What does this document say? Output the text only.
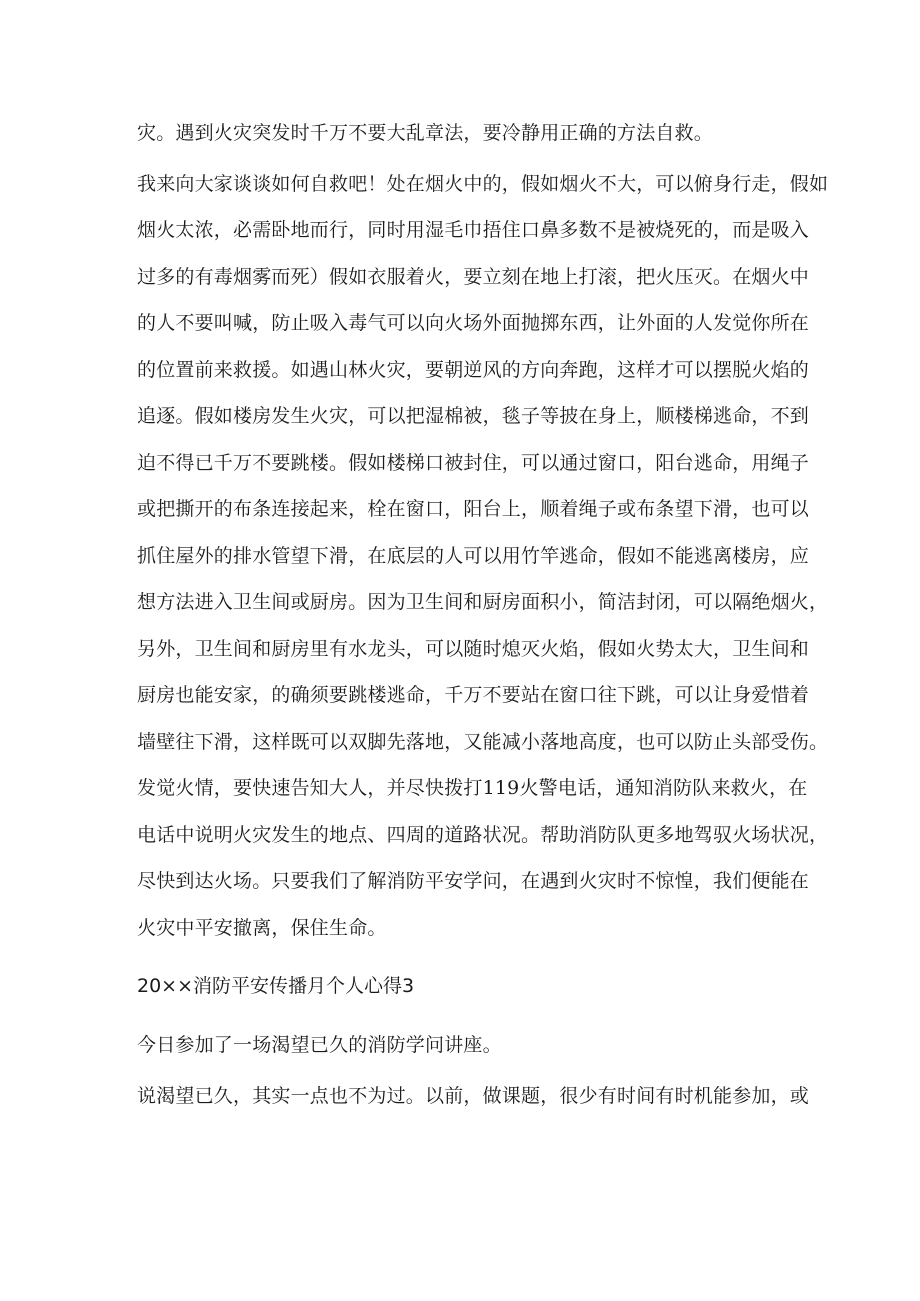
灾。遇到火灾突发时千万不要大乱章法，要冷静用正确的方法自救。
我来向大家谈谈如何自救吧！处在烟火中的，假如烟火不大，可以俯身行走，假如
烟火太浓，必需卧地而行，同时用湿毛巾捂住口鼻多数不是被烧死的，而是吸入
过多的有毒烟雾而死）假如衣服着火，要立刻在地上打滚，把火压灭。在烟火中
的人不要叫喊，防止吸入毒气可以向火场外面抛掷东西，让外面的人发觉你所在
的位置前来救援。如遇山林火灾，要朝逆风的方向奔跑，这样才可以摆脱火焰的
追逐。假如楼房发生火灾，可以把湿棉被，毯子等披在身上，顺楼梯逃命，不到
迫不得已千万不要跳楼。假如楼梯口被封住，可以通过窗口，阳台逃命，用绳子
或把撕开的布条连接起来，栓在窗口，阳台上，顺着绳子或布条望下滑，也可以
抓住屋外的排水管望下滑，在底层的人可以用竹竿逃命，假如不能逃离楼房，应
想方法进入卫生间或厨房。因为卫生间和厨房面积小，简洁封闭，可以隔绝烟火，
另外，卫生间和厨房里有水龙头，可以随时熄灭火焰，假如火势太大，卫生间和
厨房也能安家，的确须要跳楼逃命，千万不要站在窗口往下跳，可以让身爱惜着
墙壁往下滑，这样既可以双脚先落地，又能减小落地高度，也可以防止头部受伤。
发觉火情，要快速告知大人，并尽快拨打119火警电话，通知消防队来救火，在
电话中说明火灾发生的地点、四周的道路状况。帮助消防队更多地驾驭火场状况，
尽快到达火场。只要我们了解消防平安学问，在遇到火灾时不惊惶，我们便能在
火灾中平安撤离，保住生命。
20××消防平安传播月个人心得3
今日参加了一场渴望已久的消防学问讲座。
说渴望已久，其实一点也不为过。以前，做课题，很少有时间有时机能参加，或
